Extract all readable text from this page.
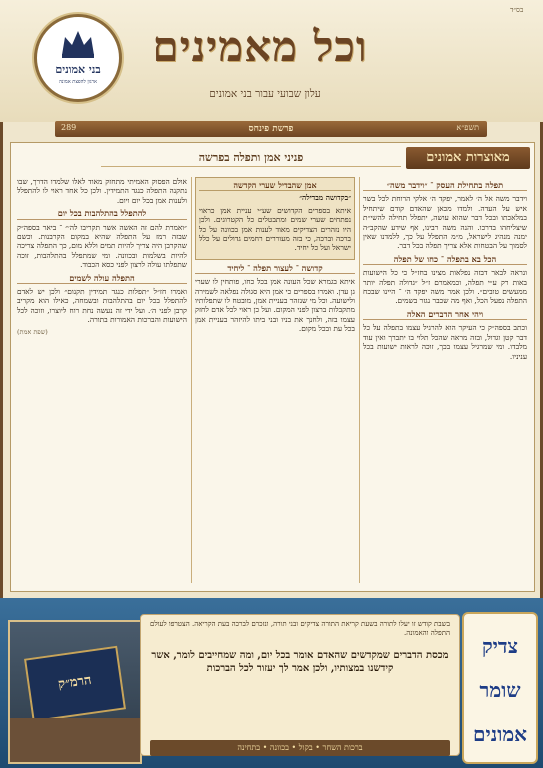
בס״ד
וכל מאמינים
עלון שבועי עבור בני אמונים
בני אמונים
ארגון להפצת אמונה
תשפ״א
פרשת פינחס
289
מאוצרות אמונים
פניני אמן ותפלה בפרשה
תפלה בתחילת העסק ־ ״וידבר משה״

וידבר משה אל ה׳ לאמר, יפקד ה׳ אלקי הרוחת לכל בשר איש על העדה. ולמדו מכאן שהאדם קודם שיתחיל במלאכתו ובכל דבר שהוא עושה, יתפלל תחילה להשי״ת שיצליחהו בדרכו. והנה משה רבינו, אף שידע שהקב״ה ימנה מנהיג לישראל, מ״מ התפלל על כך, ללמדנו שאין לסמוך על הבטחות אלא צריך תפלה בכל דבר.

הכל בא בתפלה ־ כחו של תפלה

ונראה לבאר דבזה נפלאות מצינו בחז״ל כי כל הישועות באות רק ע״י תפלה, וכמאמרם ז״ל ״גדולה תפלה יותר ממעשים טובים״. ולכן אמר משה יפקד ה׳ ־ היינו שבכח התפלה נפעל הכל, ואף מה שכבר נגזר בשמים.

ויהי אחר הדברים האלה

וכתב בספה״ק כי העיקר הוא להרגיל עצמו בתפלה על כל דבר קטן וגדול, ובזה מראה שהכל תלוי בו יתברך ואין עוד מלבדו. ומי שמרגיל עצמו בכך, זוכה לראות ישועות בכל עניניו.

אמן שהבדיל שערי הקדשה

״בקדושה מבדילה״

איתא בספרים הקדושים שע״י עניית אמן כראוי נפתחים שערי שמים ומתבטלים כל הקטרוגים. ולכן היו נזהרים הצדיקים מאוד לענות אמן בכוונה על כל ברכה וברכה, כי בזה מעוררים רחמים גדולים על כלל ישראל ועל כל יחיד.

קדושה ־ לעצור תפלה ־ ליחיד

איתא בגמרא שכל העונה אמן בכל כחו, פותחין לו שערי גן עדן. ואמרו בספרים כי אמן היא סגולה נפלאה לשמירה ולישועה. וכל מי שנזהר בעניית אמן, מובטח לו שתפלותיו מתקבלות ברצון לפני המקום. ועל כן ראוי לכל אדם לחזק עצמו בזה, ולחנך את בניו ובני ביתו להיזהר בעניית אמן בכל עת ובכל מקום.

אולם הפסוק האמיתי מתחזק מאוד לאלו שלמדו הדרך, שבו נתקנה התפלה כנגד התמידין. ולכן כל אחד ראוי לו להתפלל ולענות אמן בכל יום ויום.

להתפלל בהתלהבות בכל יום

״ואמרת להם זה האשה אשר תקריבו לה׳״ ־ ביאר בספה״ק שבזה רמז על התפלה שהיא במקום הקרבנות. וכשם שהקרבן היה צריך להיות תמים וללא מום, כך התפלה צריכה להיות בשלמות ובכוונה. ומי שמתפלל בהתלהבות, זוכה שתפלתו עולה לרצון לפני כסא הכבוד.

התפלה עולה לשמים

ואמרו חז״ל ״תפלות כנגד תמידין תקנום״ ולכן יש לאדם להתפלל בכל יום בהתלהבות ובשמחה, כאילו הוא מקריב קרבן לפני ה׳. ועל ידי זה נעשה נחת רוח ליוצרו, וזוכה לכל הישועות והברכות האמורות בתורה.

(שפת אמת)
הרמ״ק
בשבת קודש זו יעלו לתורה בשעת קריאת התורה צדיקים ובני תורה, ונזכרם לברכה בעת הקריאה. הצטרפו לעולם התפלה והאמונה.
מכסת הדברים שמקדשים שהאדם אומר בכל יום, ומה שמחייבים לומר, אשר קידשנו במצותיו, ולכן אמר לך יעזור לכל הברכות
ברכות השחר • בקול • בכוונה • בתחינה
צדיק
שומר
אמונים
